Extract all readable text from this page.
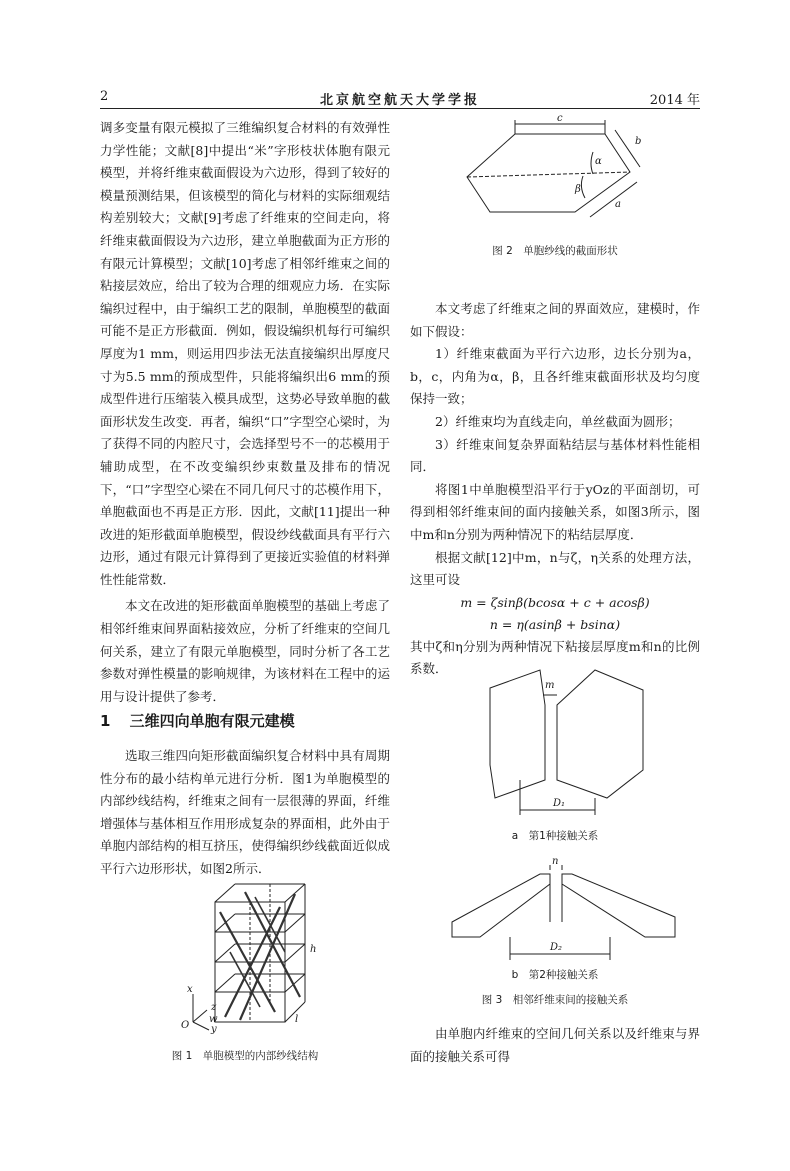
2	北京航空航天大学学报	2014 年

调多变量有限元模拟了三维编织复合材料的有效弹性力学性能；文献[8]中提出“米”字形枝状体胞有限元模型，并将纤维束截面假设为六边形，得到了较好的模量预测结果，但该模型的简化与材料的实际细观结构差别较大；文献[9]考虑了纤维束的空间走向，将纤维束截面假设为六边形，建立单胞截面为正方形的有限元计算模型；文献[10]考虑了相邻纤维束之间的粘接层效应，给出了较为合理的细观应力场．在实际编织过程中，由于编织工艺的限制，单胞模型的截面可能不是正方形截面．例如，假设编织机每行可编织厚度为1 mm，则运用四步法无法直接编织出厚度尺寸为5.5 mm的预成型件，只能将编织出6 mm的预成型件进行压缩装入模具成型，这势必导致单胞的截面形状发生改变．再者，编织“口”字型空心梁时，为了获得不同的内腔尺寸，会选择型号不一的芯模用于辅助成型，在不改变编织纱束数量及排布的情况下，“口”字型空心梁在不同几何尺寸的芯模作用下，单胞截面也不再是正方形．因此，文献[11]提出一种改进的矩形截面单胞模型，假设纱线截面具有平行六边形，通过有限元计算得到了更接近实验值的材料弹性性能常数．

本文在改进的矩形截面单胞模型的基础上考虑了相邻纤维束间界面粘接效应，分析了纤维束的空间几何关系，建立了有限元单胞模型，同时分析了各工艺参数对弹性模量的影响规律，为该材料在工程中的运用与设计提供了参考．

1 三维四向单胞有限元建模

选取三维四向矩形截面编织复合材料中具有周期性分布的最小结构单元进行分析．图1为单胞模型的内部纱线结构，纤维束之间有一层很薄的界面，纤维增强体与基体相互作用形成复杂的界面相，此外由于单胞内部结构的相互挤压，使得编织纱线截面近似成平行六边形形状，如图2所示．

x
z
y
O
w
h
l
图 1　单胞模型的内部纱线结构
c
b
a
α
β
图 2　单胞纱线的截面形状

本文考虑了纤维束之间的界面效应，建模时，作如下假设：

1）纤维束截面为平行六边形，边长分别为a，b，c，内角为α，β，且各纤维束截面形状及均匀度保持一致；

2）纤维束均为直线走向，单丝截面为圆形；

3）纤维束间复杂界面粘结层与基体材料性能相同．

将图1中单胞模型沿平行于yOz的平面剖切，可得到相邻纤维束间的面内接触关系，如图3所示，图中m和n分别为两种情况下的粘结层厚度．

根据文献[12]中m，n与ζ，η关系的处理方法，这里可设

m = ζsinβ(bcosα + c + acosβ)

n = η(asinβ + bsinα)

其中ζ和η分别为两种情况下粘接层厚度m和n的比例系数．

m
D₁
a　第1种接触关系
n
D₂
b　第2种接触关系
图 3　相邻纤维束间的接触关系

由单胞内纤维束的空间几何关系以及纤维束与界面的接触关系可得
